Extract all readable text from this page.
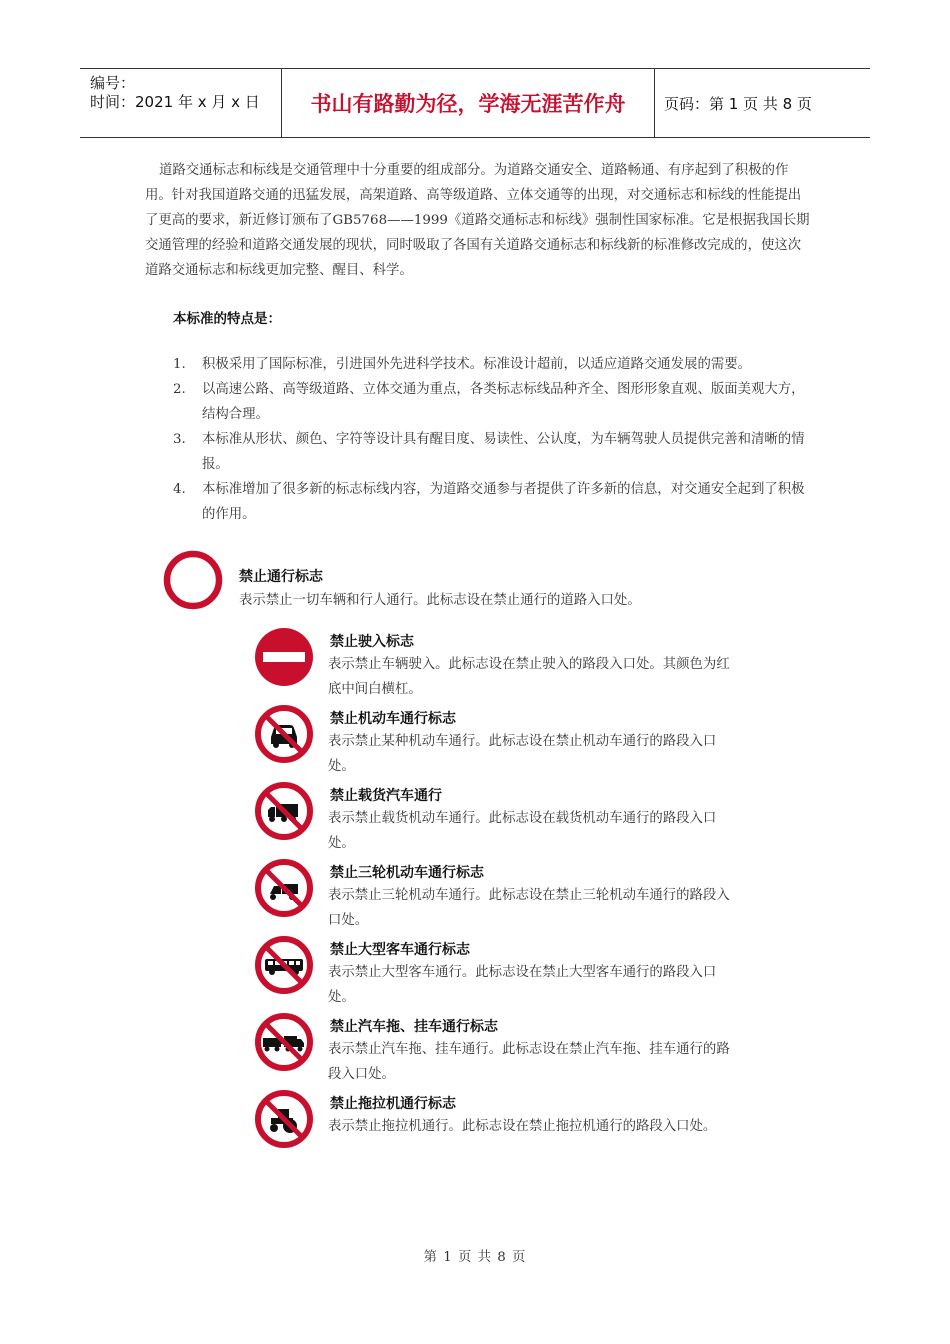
编号：
时间：2021 年 x 月 x 日	书山有路勤为径，学海无涯苦作舟	页码：第 1 页 共 8 页
道路交通标志和标线是交通管理中十分重要的组成部分。为道路交通安全、道路畅通、有序起到了积极的作用。针对我国道路交通的迅猛发展，高架道路、高等级道路、立体交通等的出现，对交通标志和标线的性能提出了更高的要求，新近修订颁布了GB5768——1999《道路交通标志和标线》强制性国家标准。它是根据我国长期交通管理的经验和道路交通发展的现状，同时吸取了各国有关道路交通标志和标线新的标准修改完成的，使这次道路交通标志和标线更加完整、醒目、科学。
本标准的特点是：
1. 积极采用了国际标准，引进国外先进科学技术。标准设计超前，以适应道路交通发展的需要。
2. 以高速公路、高等级道路、立体交通为重点，各类标志标线品种齐全、图形形象直观、版面美观大方，结构合理。
3. 本标准从形状、颜色、字符等设计具有醒目度、易读性、公认度，为车辆驾驶人员提供完善和清晰的情报。
4. 本标准增加了很多新的标志标线内容，为道路交通参与者提供了许多新的信息，对交通安全起到了积极的作用。
禁止通行标志
表示禁止一切车辆和行人通行。此标志设在禁止通行的道路入口处。
禁止驶入标志
表示禁止车辆驶入。此标志设在禁止驶入的路段入口处。其颜色为红底中间白横杠。
禁止机动车通行标志
表示禁止某种机动车通行。此标志设在禁止机动车通行的路段入口处。
禁止载货汽车通行
表示禁止载货机动车通行。此标志设在载货机动车通行的路段入口处。
禁止三轮机动车通行标志
表示禁止三轮机动车通行。此标志设在禁止三轮机动车通行的路段入口处。
禁止大型客车通行标志
表示禁止大型客车通行。此标志设在禁止大型客车通行的路段入口处。
禁止汽车拖、挂车通行标志
表示禁止汽车拖、挂车通行。此标志设在禁止汽车拖、挂车通行的路段入口处。
禁止拖拉机通行标志
表示禁止拖拉机通行。此标志设在禁止拖拉机通行的路段入口处。
第 1 页 共 8 页
